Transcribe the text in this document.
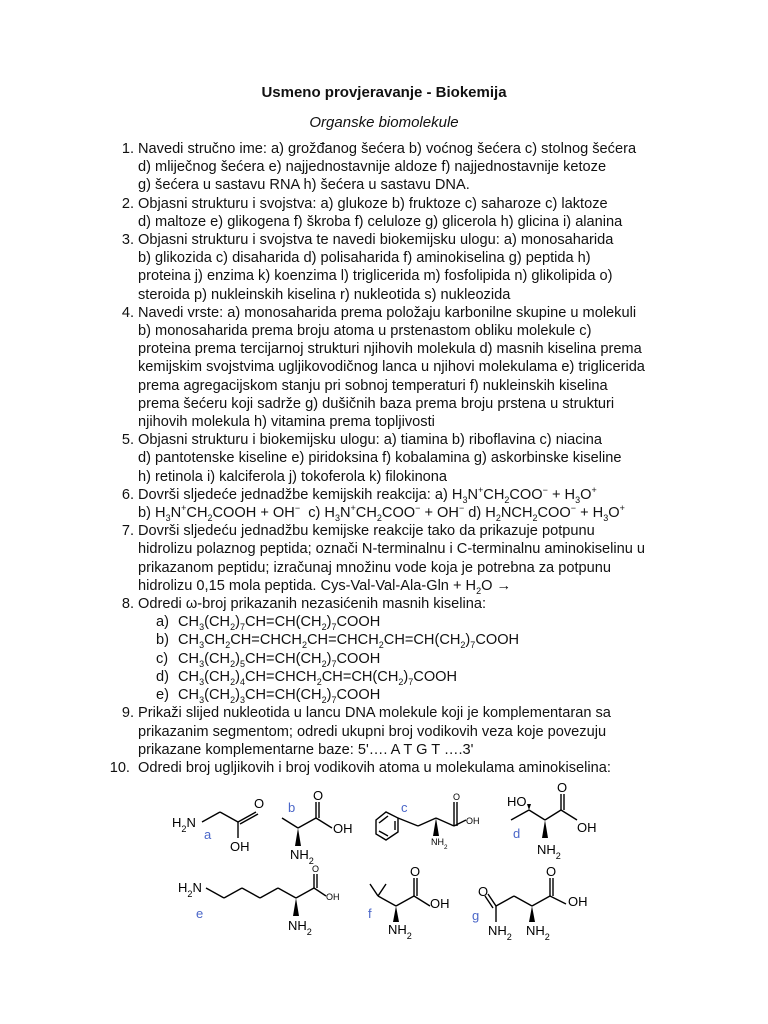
Usmeno provjeravanje - Biokemija
Organske biomolekule
1. Navedi stručno ime: a) grožđanog šećera b) voćnog šećera c) stolnog šećera
d) mliječnog šećera e) najjednostavnije aldoze f) najjednostavnije ketoze
g) šećera u sastavu RNA h) šećera u sastavu DNA.
2. Objasni strukturu i svojstva: a) glukoze b) fruktoze c) saharoze c) laktoze
d) maltoze e) glikogena f) škroba f) celuloze g) glicerola h) glicina i) alanina
3. Objasni strukturu i svojstva te navedi biokemijsku ulogu: a) monosaharida
b) glikozida c) disaharida d) polisaharida f) aminokiselina g) peptida h)
proteina j) enzima k) koenzima l) triglicerida m) fosfolipida n) glikolipida o)
steroida p) nukleinskih kiselina r) nukleotida s) nukleozida
4. Navedi vrste: a) monosaharida prema položaju karbonilne skupine u molekuli
b) monosaharida prema broju atoma u prstenastom obliku molekule c)
proteina prema tercijarnoj strukturi njihovih molekula d) masnih kiselina prema
kemijskim svojstvima ugljikovodičnog lanca u njihovi molekulama e) triglicerida
prema agregacijskom stanju pri sobnoj temperaturi f) nukleinskih kiselina
prema šećeru koji sadrže g) dušičnih baza prema broju prstena u strukturi
njihovih molekula h) vitamina prema topljivosti
5. Objasni strukturu i biokemijsku ulogu: a) tiamina b) riboflavina c) niacina
d) pantotenske kiseline e) piridoksina f) kobalamina g) askorbinske kiseline
h) retinola i) kalciferola j) tokoferola k) filokinona
6. Dovrši sljedeće jednadžbe kemijskih reakcija: a) $H_3N^+CH_2COO^- + H_3O^+$
b) $H_3N^+CH_2COOH + OH^-$  c) $H_3N^+CH_2COO^- + OH^-$ d) $H_2NCH_2COO^- + H_3O^+$
7. Dovrši sljedeću jednadžbu kemijske reakcije tako da prikazuje potpunu
hidrolizu polaznog peptida; označi N-terminalnu i C-terminalnu aminokiselinu u
prikazanom peptidu; izračunaj množinu vode koja je potrebna za potpunu
hidrolizu 0,15 mola peptida. $Cys-Val-Val-Ala-Gln + H_2O$ →
8. Odredi ω-broj prikazanih nezasićenih masnih kiselina:
a) $CH_3(CH_2)_7CH=CH(CH_2)_7COOH$
b) $CH_3CH_2CH=CHCH_2CH=CHCH_2CH=CH(CH_2)_7COOH$
c) $CH_3(CH_2)_5CH=CH(CH_2)_7COOH$
d) $CH_3(CH_2)_4CH=CHCH_2CH=CH(CH_2)_7COOH$
e) $CH_3(CH_2)_3CH=CH(CH_2)_7COOH$
9. Prikaži slijed nukleotida u lancu DNA molekule koji je komplementaran sa
prikazanim segmentom; odredi ukupni broj vodikovih veza koje povezuju
prikazane komplementarne baze: 5'…. A T G T ….3'
10. Odredi broj ugljikovih i broj vodikovih atoma u molekulama aminokiselina:
$H_2N$
O
OH
a
b
O
OH
$NH_2$
c
O
OH
$NH_2$
HO
O
OH
$NH_2$
d
$H_2N$
O
OH
$NH_2$
e
O
OH
$NH_2$
f
O
$NH_2$
O
OH
$NH_2$
g
